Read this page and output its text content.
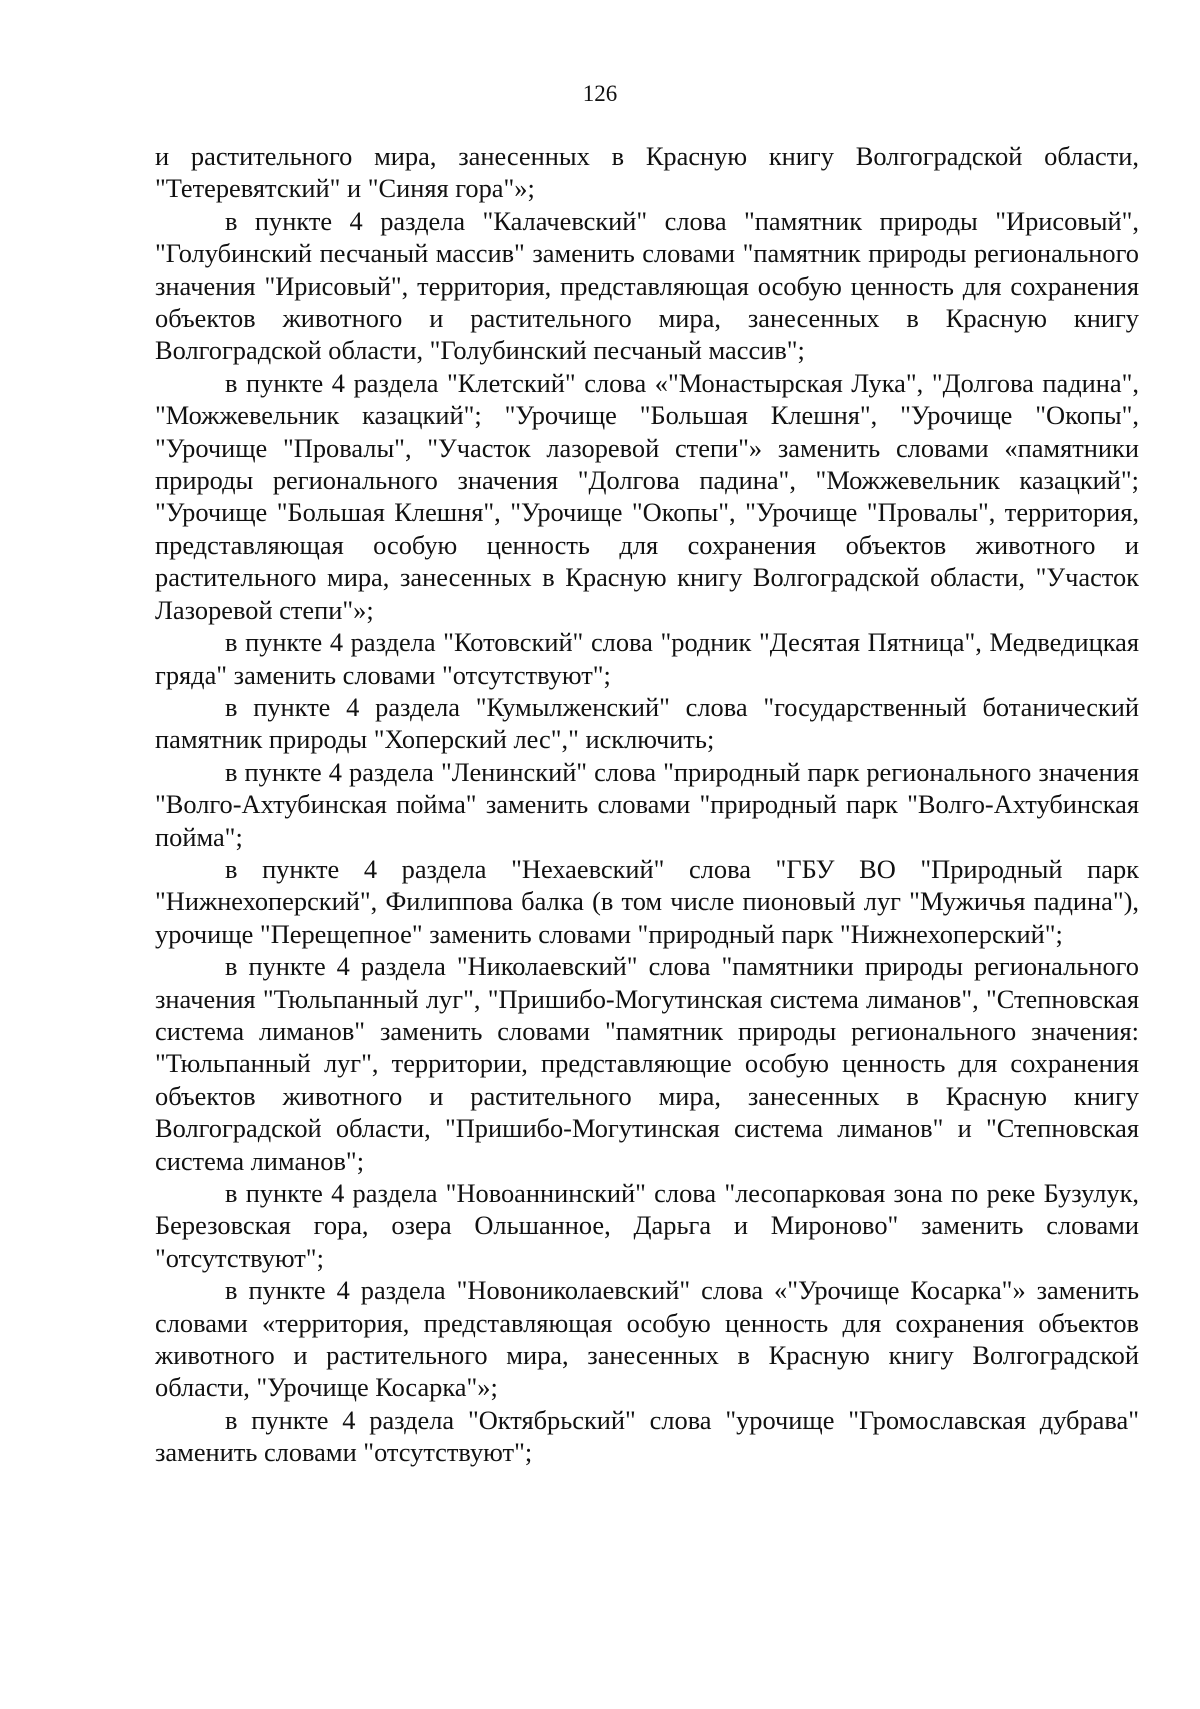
126

и растительного мира, занесенных в Красную книгу Волгоградской области, "Тетеревятский" и "Синяя гора"»;

в пункте 4 раздела "Калачевский" слова "памятник природы "Ирисовый", "Голубинский песчаный массив" заменить словами "памятник природы регионального значения "Ирисовый", территория, представляющая особую ценность для сохранения объектов животного и растительного мира, занесенных в Красную книгу Волгоградской области, "Голубинский песчаный массив";

в пункте 4 раздела "Клетский" слова «"Монастырская Лука", "Долгова падина", "Можжевельник казацкий"; "Урочище "Большая Клешня", "Урочище "Окопы", "Урочище "Провалы", "Участок лазоревой степи"» заменить словами «памятники природы регионального значения "Долгова падина", "Можжевельник казацкий"; "Урочище "Большая Клешня", "Урочище "Окопы", "Урочище "Провалы", территория, представляющая особую ценность для сохранения объектов животного и растительного мира, занесенных в Красную книгу Волгоградской области, "Участок Лазоревой степи"»;

в пункте 4 раздела "Котовский" слова "родник "Десятая Пятница", Медведицкая гряда" заменить словами "отсутствуют";

в пункте 4 раздела "Кумылженский" слова "государственный ботанический памятник природы "Хоперский лес"," исключить;

в пункте 4 раздела "Ленинский" слова "природный парк регионального значения "Волго-Ахтубинская пойма" заменить словами "природный парк "Волго-Ахтубинская пойма";

в пункте 4 раздела "Нехаевский" слова "ГБУ ВО "Природный парк "Нижнехоперский", Филиппова балка (в том числе пионовый луг "Мужичья падина"), урочище "Перещепное" заменить словами "природный парк "Нижнехоперский";

в пункте 4 раздела "Николаевский" слова "памятники природы регионального значения "Тюльпанный луг", "Пришибо-Могутинская система лиманов", "Степновская система лиманов" заменить словами "памятник природы регионального значения: "Тюльпанный луг", территории, представляющие особую ценность для сохранения объектов животного и растительного мира, занесенных в Красную книгу Волгоградской области, "Пришибо-Могутинская система лиманов" и "Степновская система лиманов";

в пункте 4 раздела "Новоаннинский" слова "лесопарковая зона по реке Бузулук, Березовская гора, озера Ольшанное, Дарьга и Мироново" заменить словами "отсутствуют";

в пункте 4 раздела "Новониколаевский" слова «"Урочище Косарка"» заменить словами «территория, представляющая особую ценность для сохранения объектов животного и растительного мира, занесенных в Красную книгу Волгоградской области, "Урочище Косарка"»;

в пункте 4 раздела "Октябрьский" слова "урочище "Громославская дубрава" заменить словами "отсутствуют";
